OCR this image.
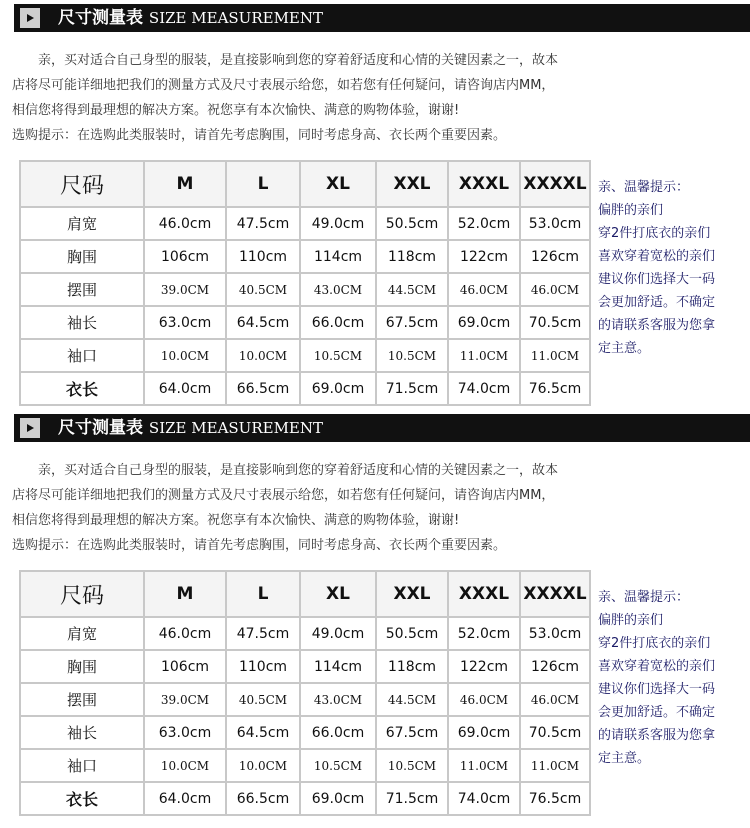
尺寸测量表 SIZE MEASUREMENT
亲，买对适合自己身型的服装，是直接影响到您的穿着舒适度和心情的关键因素之一，故本
店将尽可能详细地把我们的测量方式及尺寸表展示给您，如若您有任何疑问，请咨询店内MM，
相信您将得到最理想的解决方案。祝您享有本次愉快、满意的购物体验，谢谢!
选购提示：在选购此类服装时，请首先考虑胸围，同时考虑身高、衣长两个重要因素。
尺码	M	L	XL	XXL	XXXL	XXXXL
肩宽	46.0cm	47.5cm	49.0cm	50.5cm	52.0cm	53.0cm
胸围	106cm	110cm	114cm	118cm	122cm	126cm
摆围	39.0CM	40.5CM	43.0CM	44.5CM	46.0CM	46.0CM
袖长	63.0cm	64.5cm	66.0cm	67.5cm	69.0cm	70.5cm
袖口	10.0CM	10.0CM	10.5CM	10.5CM	11.0CM	11.0CM
衣长	64.0cm	66.5cm	69.0cm	71.5cm	74.0cm	76.5cm
亲、温馨提示：
偏胖的亲们
穿2件打底衣的亲们
喜欢穿着宽松的亲们
建议你们选择大一码
会更加舒适。不确定
的请联系客服为您拿
定主意。
尺寸测量表 SIZE MEASUREMENT
亲，买对适合自己身型的服装，是直接影响到您的穿着舒适度和心情的关键因素之一，故本
店将尽可能详细地把我们的测量方式及尺寸表展示给您，如若您有任何疑问，请咨询店内MM，
相信您将得到最理想的解决方案。祝您享有本次愉快、满意的购物体验，谢谢!
选购提示：在选购此类服装时，请首先考虑胸围，同时考虑身高、衣长两个重要因素。
尺码	M	L	XL	XXL	XXXL	XXXXL
肩宽	46.0cm	47.5cm	49.0cm	50.5cm	52.0cm	53.0cm
胸围	106cm	110cm	114cm	118cm	122cm	126cm
摆围	39.0CM	40.5CM	43.0CM	44.5CM	46.0CM	46.0CM
袖长	63.0cm	64.5cm	66.0cm	67.5cm	69.0cm	70.5cm
袖口	10.0CM	10.0CM	10.5CM	10.5CM	11.0CM	11.0CM
衣长	64.0cm	66.5cm	69.0cm	71.5cm	74.0cm	76.5cm
亲、温馨提示：
偏胖的亲们
穿2件打底衣的亲们
喜欢穿着宽松的亲们
建议你们选择大一码
会更加舒适。不确定
的请联系客服为您拿
定主意。
